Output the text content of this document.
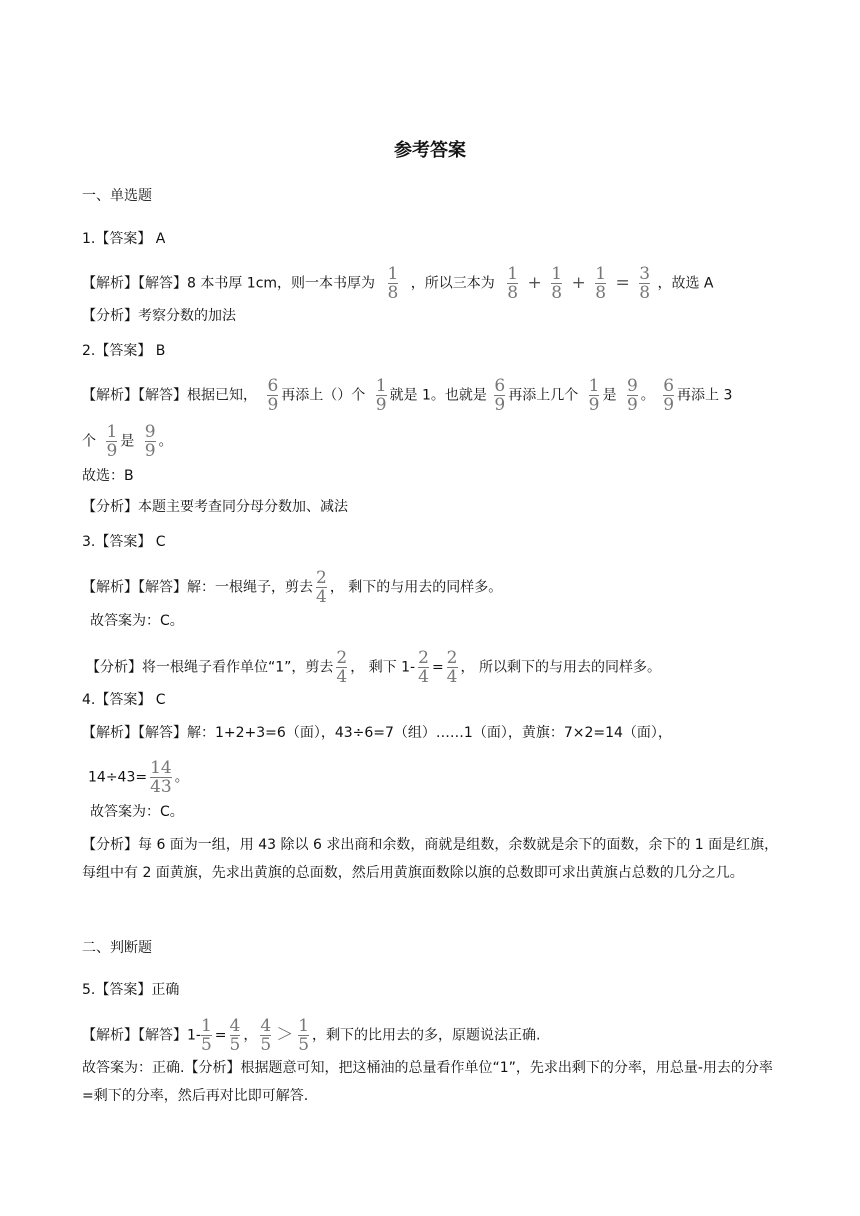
参考答案
一、单选题
1.【答案】 A
【解析】【解答】8 本书厚 1cm，则一本书厚为 $\frac{1}{8}$ ，所以三本为 $\frac{1}{8} + \frac{1}{8} + \frac{1}{8} = \frac{3}{8}$ ，故选 A
【分析】考察分数的加法
2.【答案】 B
【解析】【解答】根据已知， $\frac{6}{9}$ 再添上（）个 $\frac{1}{9}$ 就是 1。也就是 $\frac{6}{9}$ 再添上几个 $\frac{1}{9}$ 是 $\frac{9}{9}$ 。 $\frac{6}{9}$ 再添上 3
个 $\frac{1}{9}$ 是 $\frac{9}{9}$ 。
故选：B
【分析】本题主要考查同分母分数加、减法
3.【答案】 C
【解析】【解答】解：一根绳子，剪去 $\frac{2}{4}$ ， 剩下的与用去的同样多。
故答案为：C。
【分析】将一根绳子看作单位“1”，剪去 $\frac{2}{4}$ ， 剩下 $1- \frac{2}{4} = \frac{2}{4}$ ， 所以剩下的与用去的同样多。
4.【答案】 C
【解析】【解答】解：1+2+3=6（面），43÷6=7（组）……1（面），黄旗：7×2=14（面），
$14\div 43= \frac{14}{43}$ 。
故答案为：C。
【分析】每 6 面为一组，用 43 除以 6 求出商和余数，商就是组数，余数就是余下的面数，余下的 1 面是红旗，每组中有 2 面黄旗，先求出黄旗的总面数，然后用黄旗面数除以旗的总数即可求出黄旗占总数的几分之几。
二、判断题
5.【答案】正确
【解析】【解答】$1- \frac{1}{5} = \frac{4}{5}$ ， $\frac{4}{5} > \frac{1}{5}$ ，剩下的比用去的多，原题说法正确.
故答案为：正确.【分析】根据题意可知，把这桶油的总量看作单位“1”，先求出剩下的分率，用总量-用去的分率=剩下的分率，然后再对比即可解答.
